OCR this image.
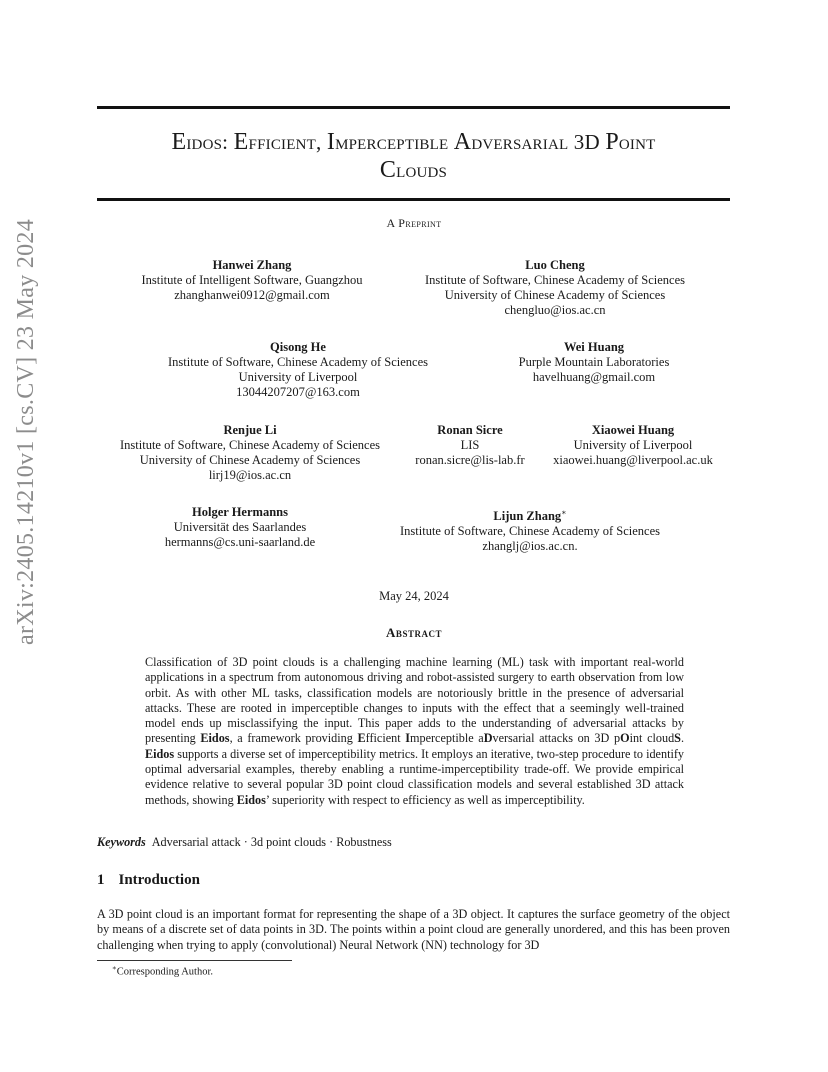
arXiv:2405.14210v1 [cs.CV] 23 May 2024
Eidos: Efficient, Imperceptible Adversarial 3D Point
Clouds
A Preprint
Hanwei Zhang
Institute of Intelligent Software, Guangzhou
zhanghanwei0912@gmail.com
Luo Cheng
Institute of Software, Chinese Academy of Sciences
University of Chinese Academy of Sciences
chengluo@ios.ac.cn
Qisong He
Institute of Software, Chinese Academy of Sciences
University of Liverpool
13044207207@163.com
Wei Huang
Purple Mountain Laboratories
havelhuang@gmail.com
Renjue Li
Institute of Software, Chinese Academy of Sciences
University of Chinese Academy of Sciences
lirj19@ios.ac.cn
Ronan Sicre
LIS
ronan.sicre@lis-lab.fr
Xiaowei Huang
University of Liverpool
xiaowei.huang@liverpool.ac.uk
Holger Hermanns
Universität des Saarlandes
hermanns@cs.uni-saarland.de
Lijun Zhang∗
Institute of Software, Chinese Academy of Sciences
zhanglj@ios.ac.cn.
May 24, 2024
Abstract
Classification of 3D point clouds is a challenging machine learning (ML) task with important real-world applications in a spectrum from autonomous driving and robot-assisted surgery to earth observation from low orbit. As with other ML tasks, classification models are notoriously brittle in the presence of adversarial attacks. These are rooted in imperceptible changes to inputs with the effect that a seemingly well-trained model ends up misclassifying the input. This paper adds to the understanding of adversarial attacks by presenting Eidos, a framework providing Efficient Imperceptible aDversarial attacks on 3D pOint cloudS. Eidos supports a diverse set of imperceptibility metrics. It employs an iterative, two-step procedure to identify optimal adversarial examples, thereby enabling a runtime-imperceptibility trade-off. We provide empirical evidence relative to several popular 3D point cloud classification models and several established 3D attack methods, showing Eidos’ superiority with respect to efficiency as well as imperceptibility.
Keywords Adversarial attack · 3d point clouds · Robustness
1 Introduction
A 3D point cloud is an important format for representing the shape of a 3D object. It captures the surface geometry of the object by means of a discrete set of data points in 3D. The points within a point cloud are generally unordered, and this has been proven challenging when trying to apply (convolutional) Neural Network (NN) technology for 3D
∗Corresponding Author.
